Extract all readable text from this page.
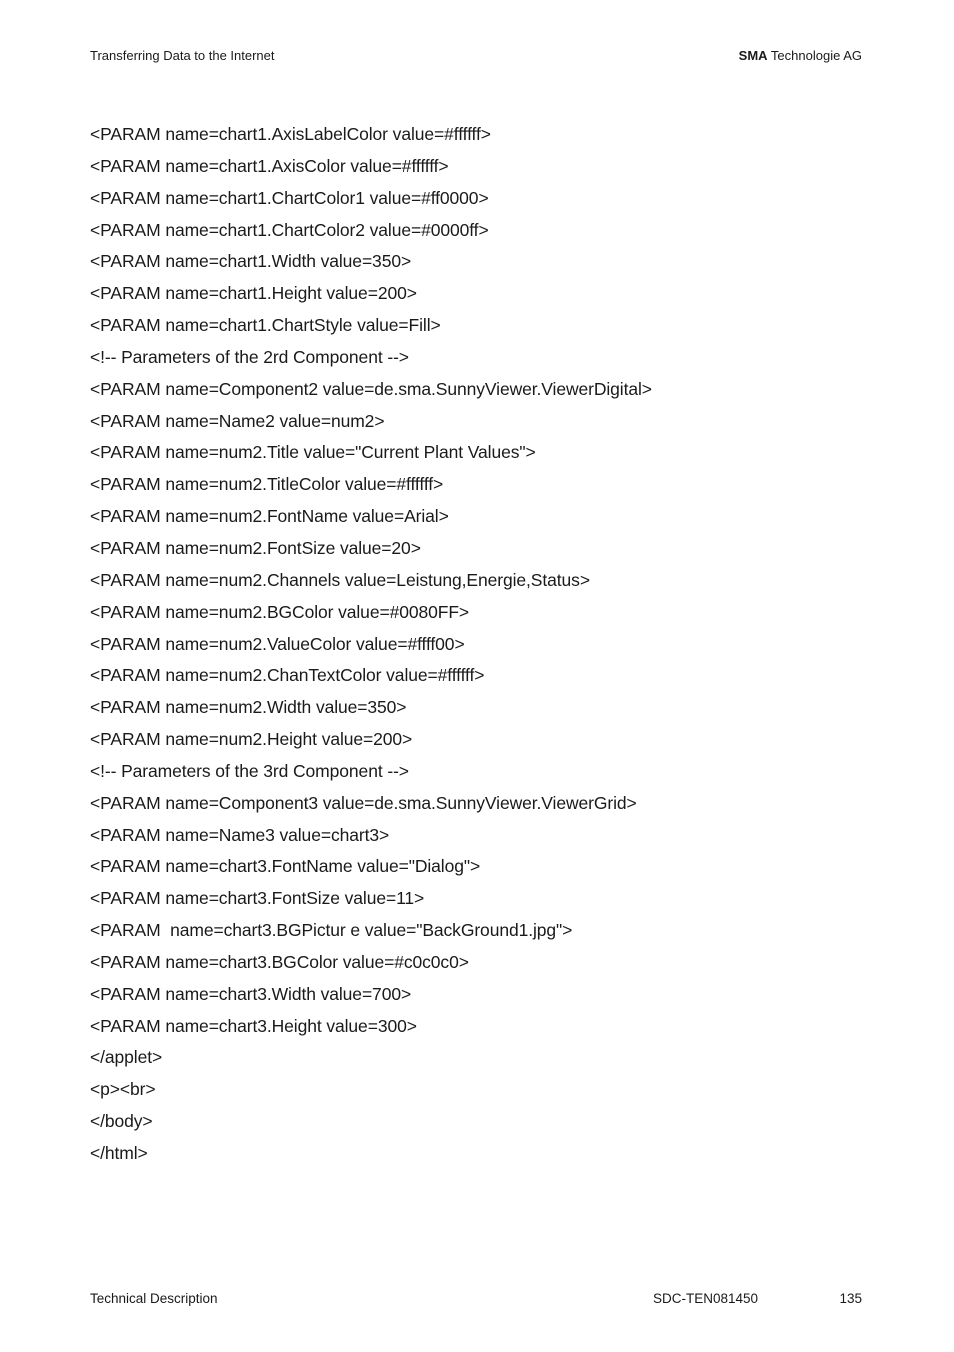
Transferring Data to the Internet	SMA Technologie AG
<PARAM name=chart1.AxisLabelColor value=#ffffff>
<PARAM name=chart1.AxisColor value=#ffffff>
<PARAM name=chart1.ChartColor1 value=#ff0000>
<PARAM name=chart1.ChartColor2 value=#0000ff>
<PARAM name=chart1.Width value=350>
<PARAM name=chart1.Height value=200>
<PARAM name=chart1.ChartStyle value=Fill>
<!-- Parameters of the 2rd Component -->
<PARAM name=Component2 value=de.sma.SunnyViewer.ViewerDigital>
<PARAM name=Name2 value=num2>
<PARAM name=num2.Title value="Current Plant Values">
<PARAM name=num2.TitleColor value=#ffffff>
<PARAM name=num2.FontName value=Arial>
<PARAM name=num2.FontSize value=20>
<PARAM name=num2.Channels value=Leistung,Energie,Status>
<PARAM name=num2.BGColor value=#0080FF>
<PARAM name=num2.ValueColor value=#ffff00>
<PARAM name=num2.ChanTextColor value=#ffffff>
<PARAM name=num2.Width value=350>
<PARAM name=num2.Height value=200>
<!-- Parameters of the 3rd Component -->
<PARAM name=Component3 value=de.sma.SunnyViewer.ViewerGrid>
<PARAM name=Name3 value=chart3>
<PARAM name=chart3.FontName value="Dialog">
<PARAM name=chart3.FontSize value=11>
<PARAM  name=chart3.BGPictur e value="BackGround1.jpg">
<PARAM name=chart3.BGColor value=#c0c0c0>
<PARAM name=chart3.Width value=700>
<PARAM name=chart3.Height value=300>
</applet>
<p><br>
</body>
</html>
Technical Description	SDC-TEN081450	135
